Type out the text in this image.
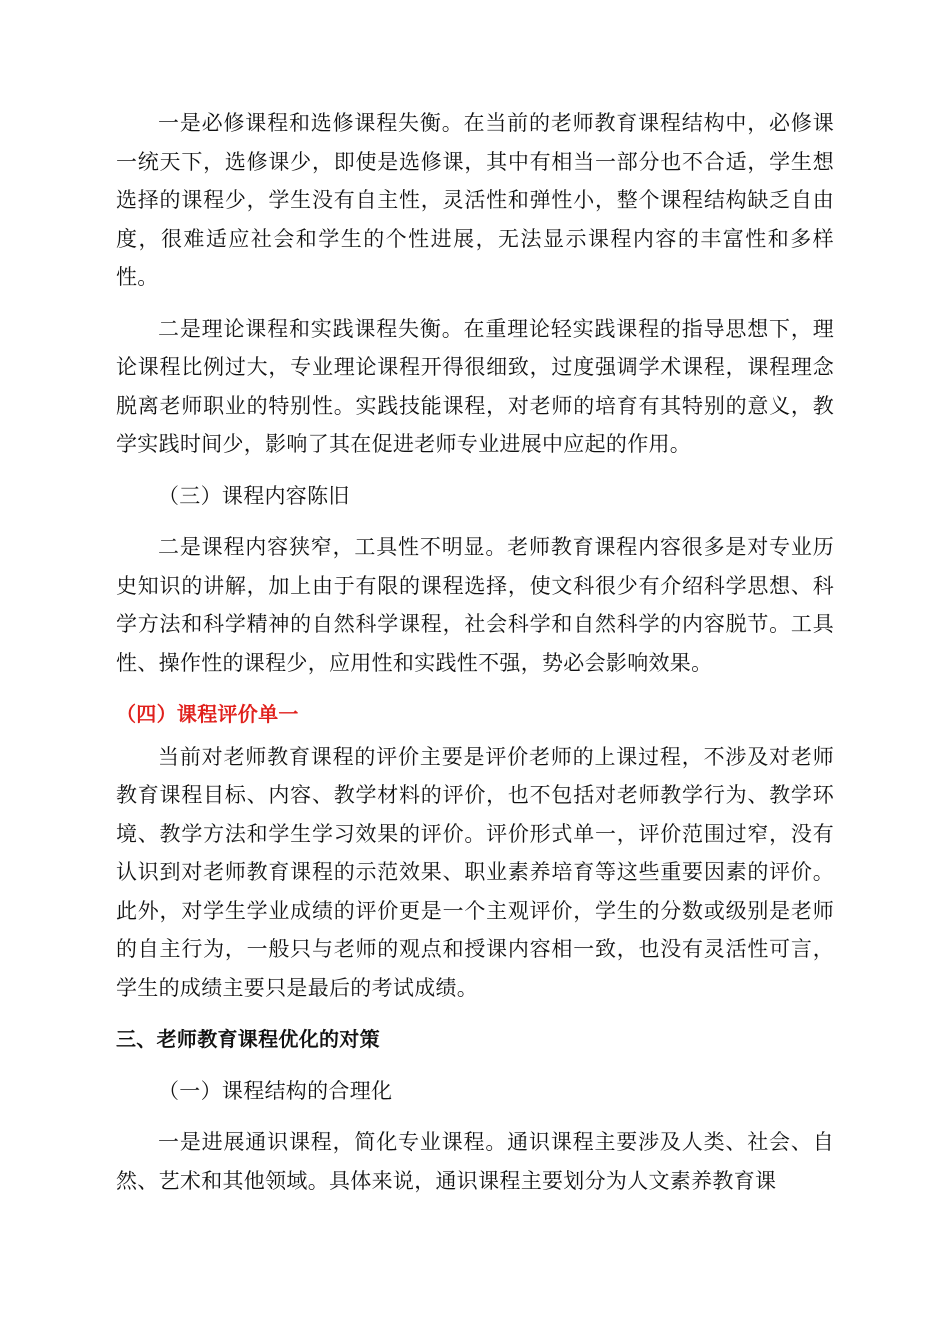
一是必修课程和选修课程失衡。在当前的老师教育课程结构中，必修课一统天下，选修课少，即使是选修课，其中有相当一部分也不合适，学生想选择的课程少，学生没有自主性，灵活性和弹性小，整个课程结构缺乏自由度，很难适应社会和学生的个性进展，无法显示课程内容的丰富性和多样性。

二是理论课程和实践课程失衡。在重理论轻实践课程的指导思想下，理论课程比例过大，专业理论课程开得很细致，过度强调学术课程，课程理念脱离老师职业的特别性。实践技能课程，对老师的培育有其特别的意义，教学实践时间少，影响了其在促进老师专业进展中应起的作用。

（三）课程内容陈旧

二是课程内容狭窄，工具性不明显。老师教育课程内容很多是对专业历史知识的讲解，加上由于有限的课程选择，使文科很少有介绍科学思想、科学方法和科学精神的自然科学课程，社会科学和自然科学的内容脱节。工具性、操作性的课程少，应用性和实践性不强，势必会影响效果。

（四）课程评价单一

当前对老师教育课程的评价主要是评价老师的上课过程，不涉及对老师教育课程目标、内容、教学材料的评价，也不包括对老师教学行为、教学环境、教学方法和学生学习效果的评价。评价形式单一，评价范围过窄，没有认识到对老师教育课程的示范效果、职业素养培育等这些重要因素的评价。此外，对学生学业成绩的评价更是一个主观评价，学生的分数或级别是老师的自主行为，一般只与老师的观点和授课内容相一致，也没有灵活性可言，学生的成绩主要只是最后的考试成绩。

三、老师教育课程优化的对策

（一）课程结构的合理化

一是进展通识课程，简化专业课程。通识课程主要涉及人类、社会、自然、艺术和其他领域。具体来说，通识课程主要划分为人文素养教育课
